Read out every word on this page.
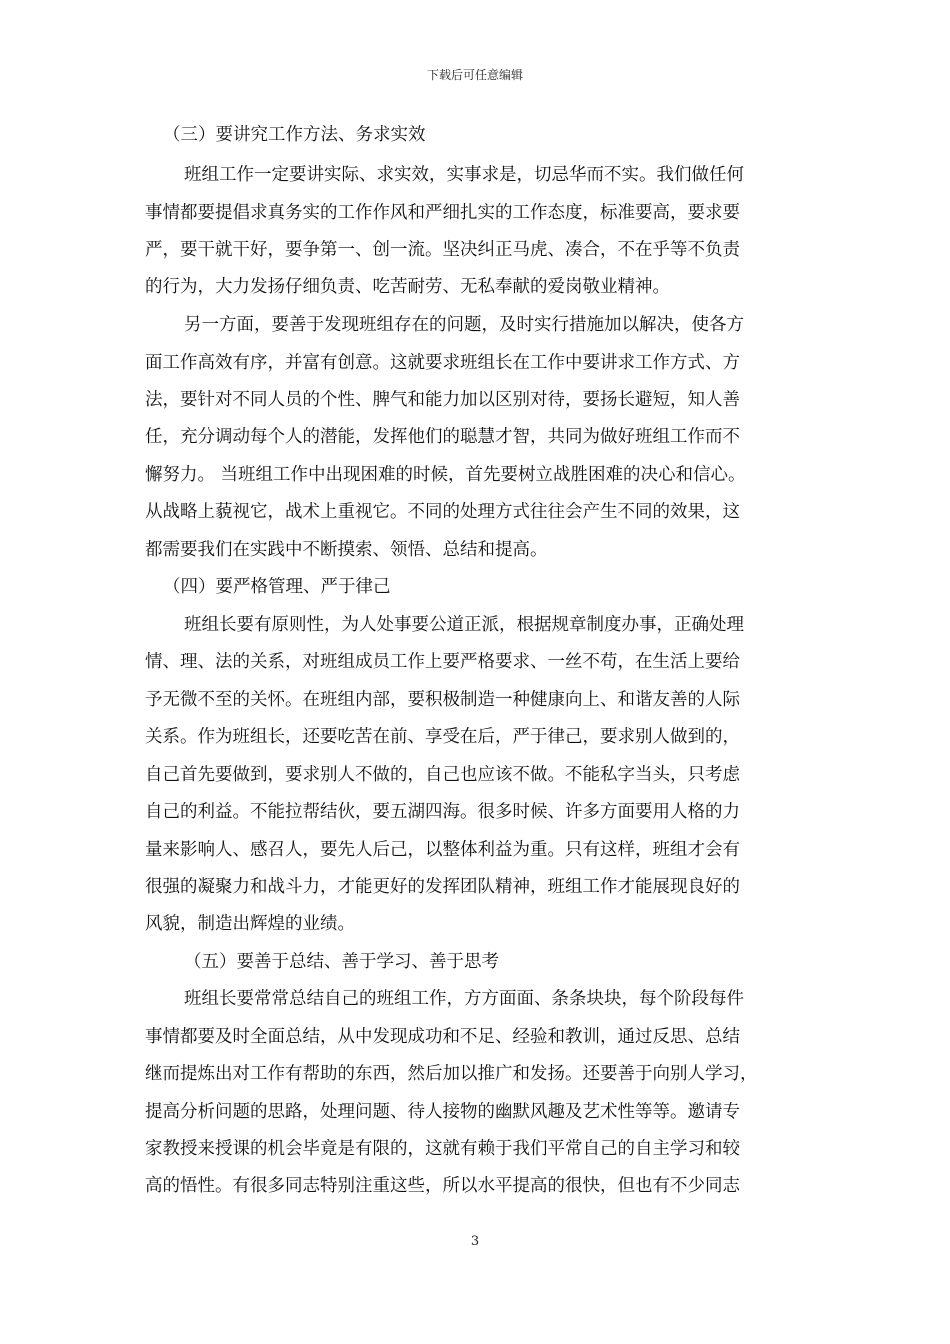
下载后可任意编辑
（三）要讲究工作方法、务求实效
班组工作一定要讲实际、求实效，实事求是，切忌华而不实。我们做任何
事情都要提倡求真务实的工作作风和严细扎实的工作态度，标准要高，要求要
严，要干就干好，要争第一、创一流。坚决纠正马虎、凑合，不在乎等不负责
的行为，大力发扬仔细负责、吃苦耐劳、无私奉献的爱岗敬业精神。
另一方面，要善于发现班组存在的问题，及时实行措施加以解决，使各方
面工作高效有序，并富有创意。这就要求班组长在工作中要讲求工作方式、方
法，要针对不同人员的个性、脾气和能力加以区别对待，要扬长避短，知人善
任，充分调动每个人的潜能，发挥他们的聪慧才智，共同为做好班组工作而不
懈努力。 当班组工作中出现困难的时候，首先要树立战胜困难的决心和信心。
从战略上藐视它，战术上重视它。不同的处理方式往往会产生不同的效果，这
都需要我们在实践中不断摸索、领悟、总结和提高。
（四）要严格管理、严于律己
班组长要有原则性，为人处事要公道正派，根据规章制度办事，正确处理
情、理、法的关系，对班组成员工作上要严格要求、一丝不苟，在生活上要给
予无微不至的关怀。在班组内部，要积极制造一种健康向上、和谐友善的人际
关系。作为班组长，还要吃苦在前、享受在后，严于律己，要求别人做到的，
自己首先要做到，要求别人不做的，自己也应该不做。不能私字当头，只考虑
自己的利益。不能拉帮结伙，要五湖四海。很多时候、许多方面要用人格的力
量来影响人、感召人，要先人后己，以整体利益为重。只有这样，班组才会有
很强的凝聚力和战斗力，才能更好的发挥团队精神，班组工作才能展现良好的
风貌，制造出辉煌的业绩。
（五）要善于总结、善于学习、善于思考
班组长要常常总结自己的班组工作，方方面面、条条块块，每个阶段每件
事情都要及时全面总结，从中发现成功和不足、经验和教训，通过反思、总结
继而提炼出对工作有帮助的东西，然后加以推广和发扬。还要善于向别人学习，
提高分析问题的思路，处理问题、待人接物的幽默风趣及艺术性等等。邀请专
家教授来授课的机会毕竟是有限的，这就有赖于我们平常自己的自主学习和较
高的悟性。有很多同志特别注重这些，所以水平提高的很快，但也有不少同志
3
